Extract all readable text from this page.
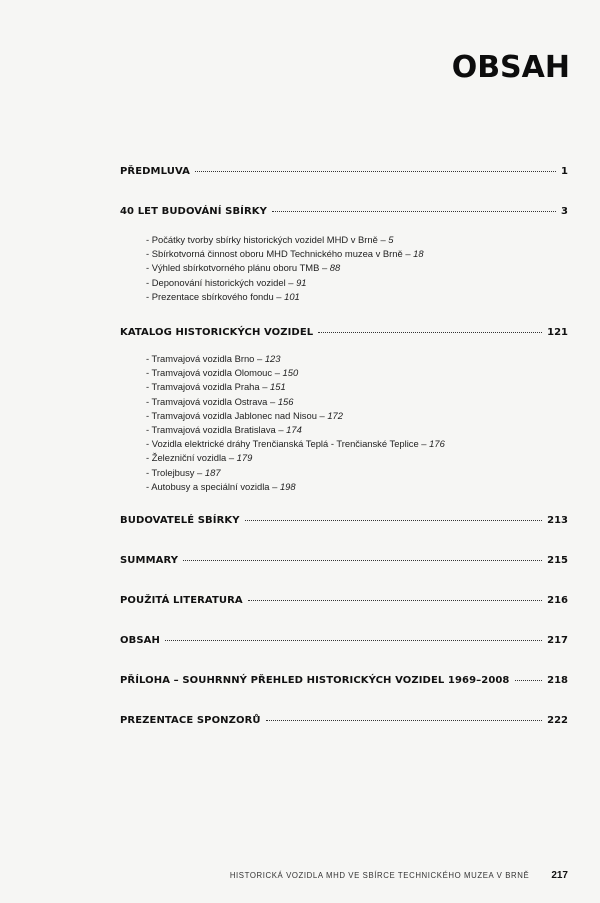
OBSAH
PŘEDMLUVA	1
40 LET BUDOVÁNÍ SBÍRKY	3
- Počátky tvorby sbírky historických vozidel MHD v Brně – 5
- Sbírkotvorná činnost oboru MHD Technického muzea v Brně – 18
- Výhled sbírkotvorného plánu oboru TMB – 88
- Deponování historických vozidel – 91
- Prezentace sbírkového fondu – 101
KATALOG HISTORICKÝCH VOZIDEL	121
- Tramvajová vozidla Brno – 123
- Tramvajová vozidla Olomouc – 150
- Tramvajová vozidla Praha – 151
- Tramvajová vozidla Ostrava – 156
- Tramvajová vozidla Jablonec nad Nisou – 172
- Tramvajová vozidla Bratislava – 174
- Vozidla elektrické dráhy Trenčianská Teplá - Trenčianské Teplice – 176
- Železniční vozidla – 179
- Trolejbusy – 187
- Autobusy a speciální vozidla – 198
BUDOVATELÉ SBÍRKY	213
SUMMARY	215
POUŽITÁ LITERATURA	216
OBSAH	217
PŘÍLOHA – SOUHRNNÝ PŘEHLED HISTORICKÝCH VOZIDEL 1969–2008	218
PREZENTACE SPONZORŮ	222
HISTORICKÁ VOZIDLA MHD VE SBÍRCE TECHNICKÉHO MUZEA V BRNĚ 217
